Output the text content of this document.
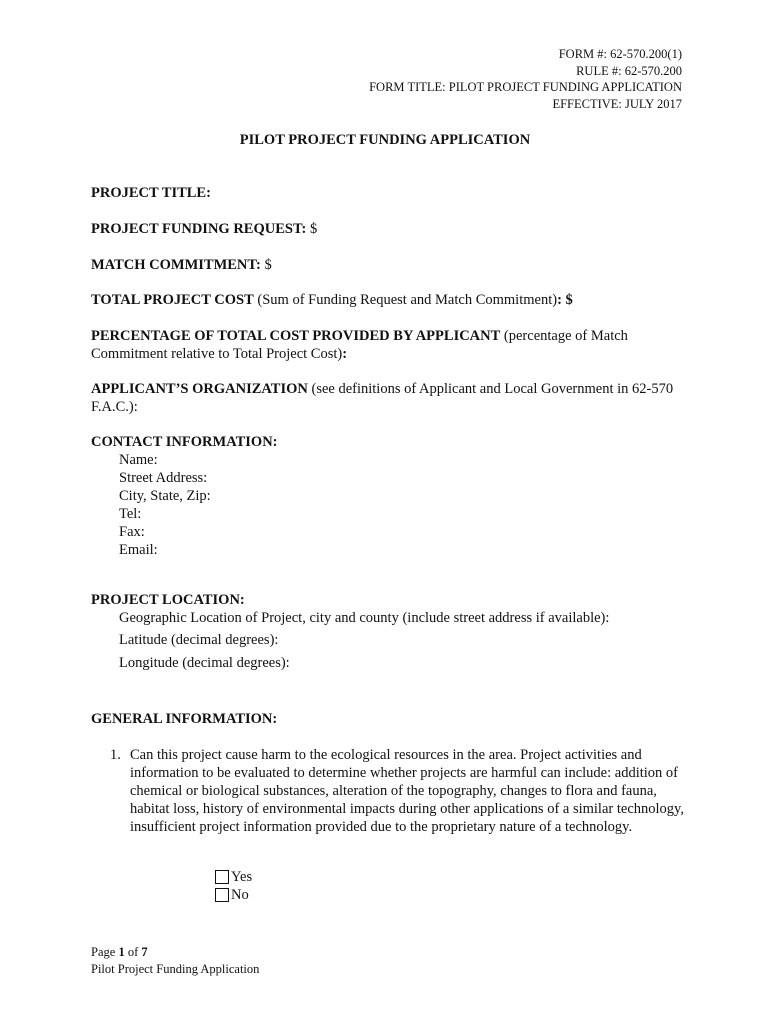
FORM #: 62-570.200(1)
RULE #: 62-570.200
FORM TITLE: PILOT PROJECT FUNDING APPLICATION
EFFECTIVE: JULY 2017
PILOT PROJECT FUNDING APPLICATION
PROJECT TITLE:
PROJECT FUNDING REQUEST: $
MATCH COMMITMENT: $
TOTAL PROJECT COST (Sum of Funding Request and Match Commitment): $
PERCENTAGE OF TOTAL COST PROVIDED BY APPLICANT (percentage of Match Commitment relative to Total Project Cost):
APPLICANT’S ORGANIZATION (see definitions of Applicant and Local Government in 62-570 F.A.C.):
CONTACT INFORMATION:
Name:
Street Address:
City, State, Zip:
Tel:
Fax:
Email:
PROJECT LOCATION:
Geographic Location of Project, city and county (include street address if available):
Latitude (decimal degrees):
Longitude (decimal degrees):
GENERAL INFORMATION:
1. Can this project cause harm to the ecological resources in the area. Project activities and information to be evaluated to determine whether projects are harmful can include: addition of chemical or biological substances, alteration of the topography, changes to flora and fauna, habitat loss, history of environmental impacts during other applications of a similar technology, insufficient project information provided due to the proprietary nature of a technology.
Yes
No
Page 1 of 7
Pilot Project Funding Application
